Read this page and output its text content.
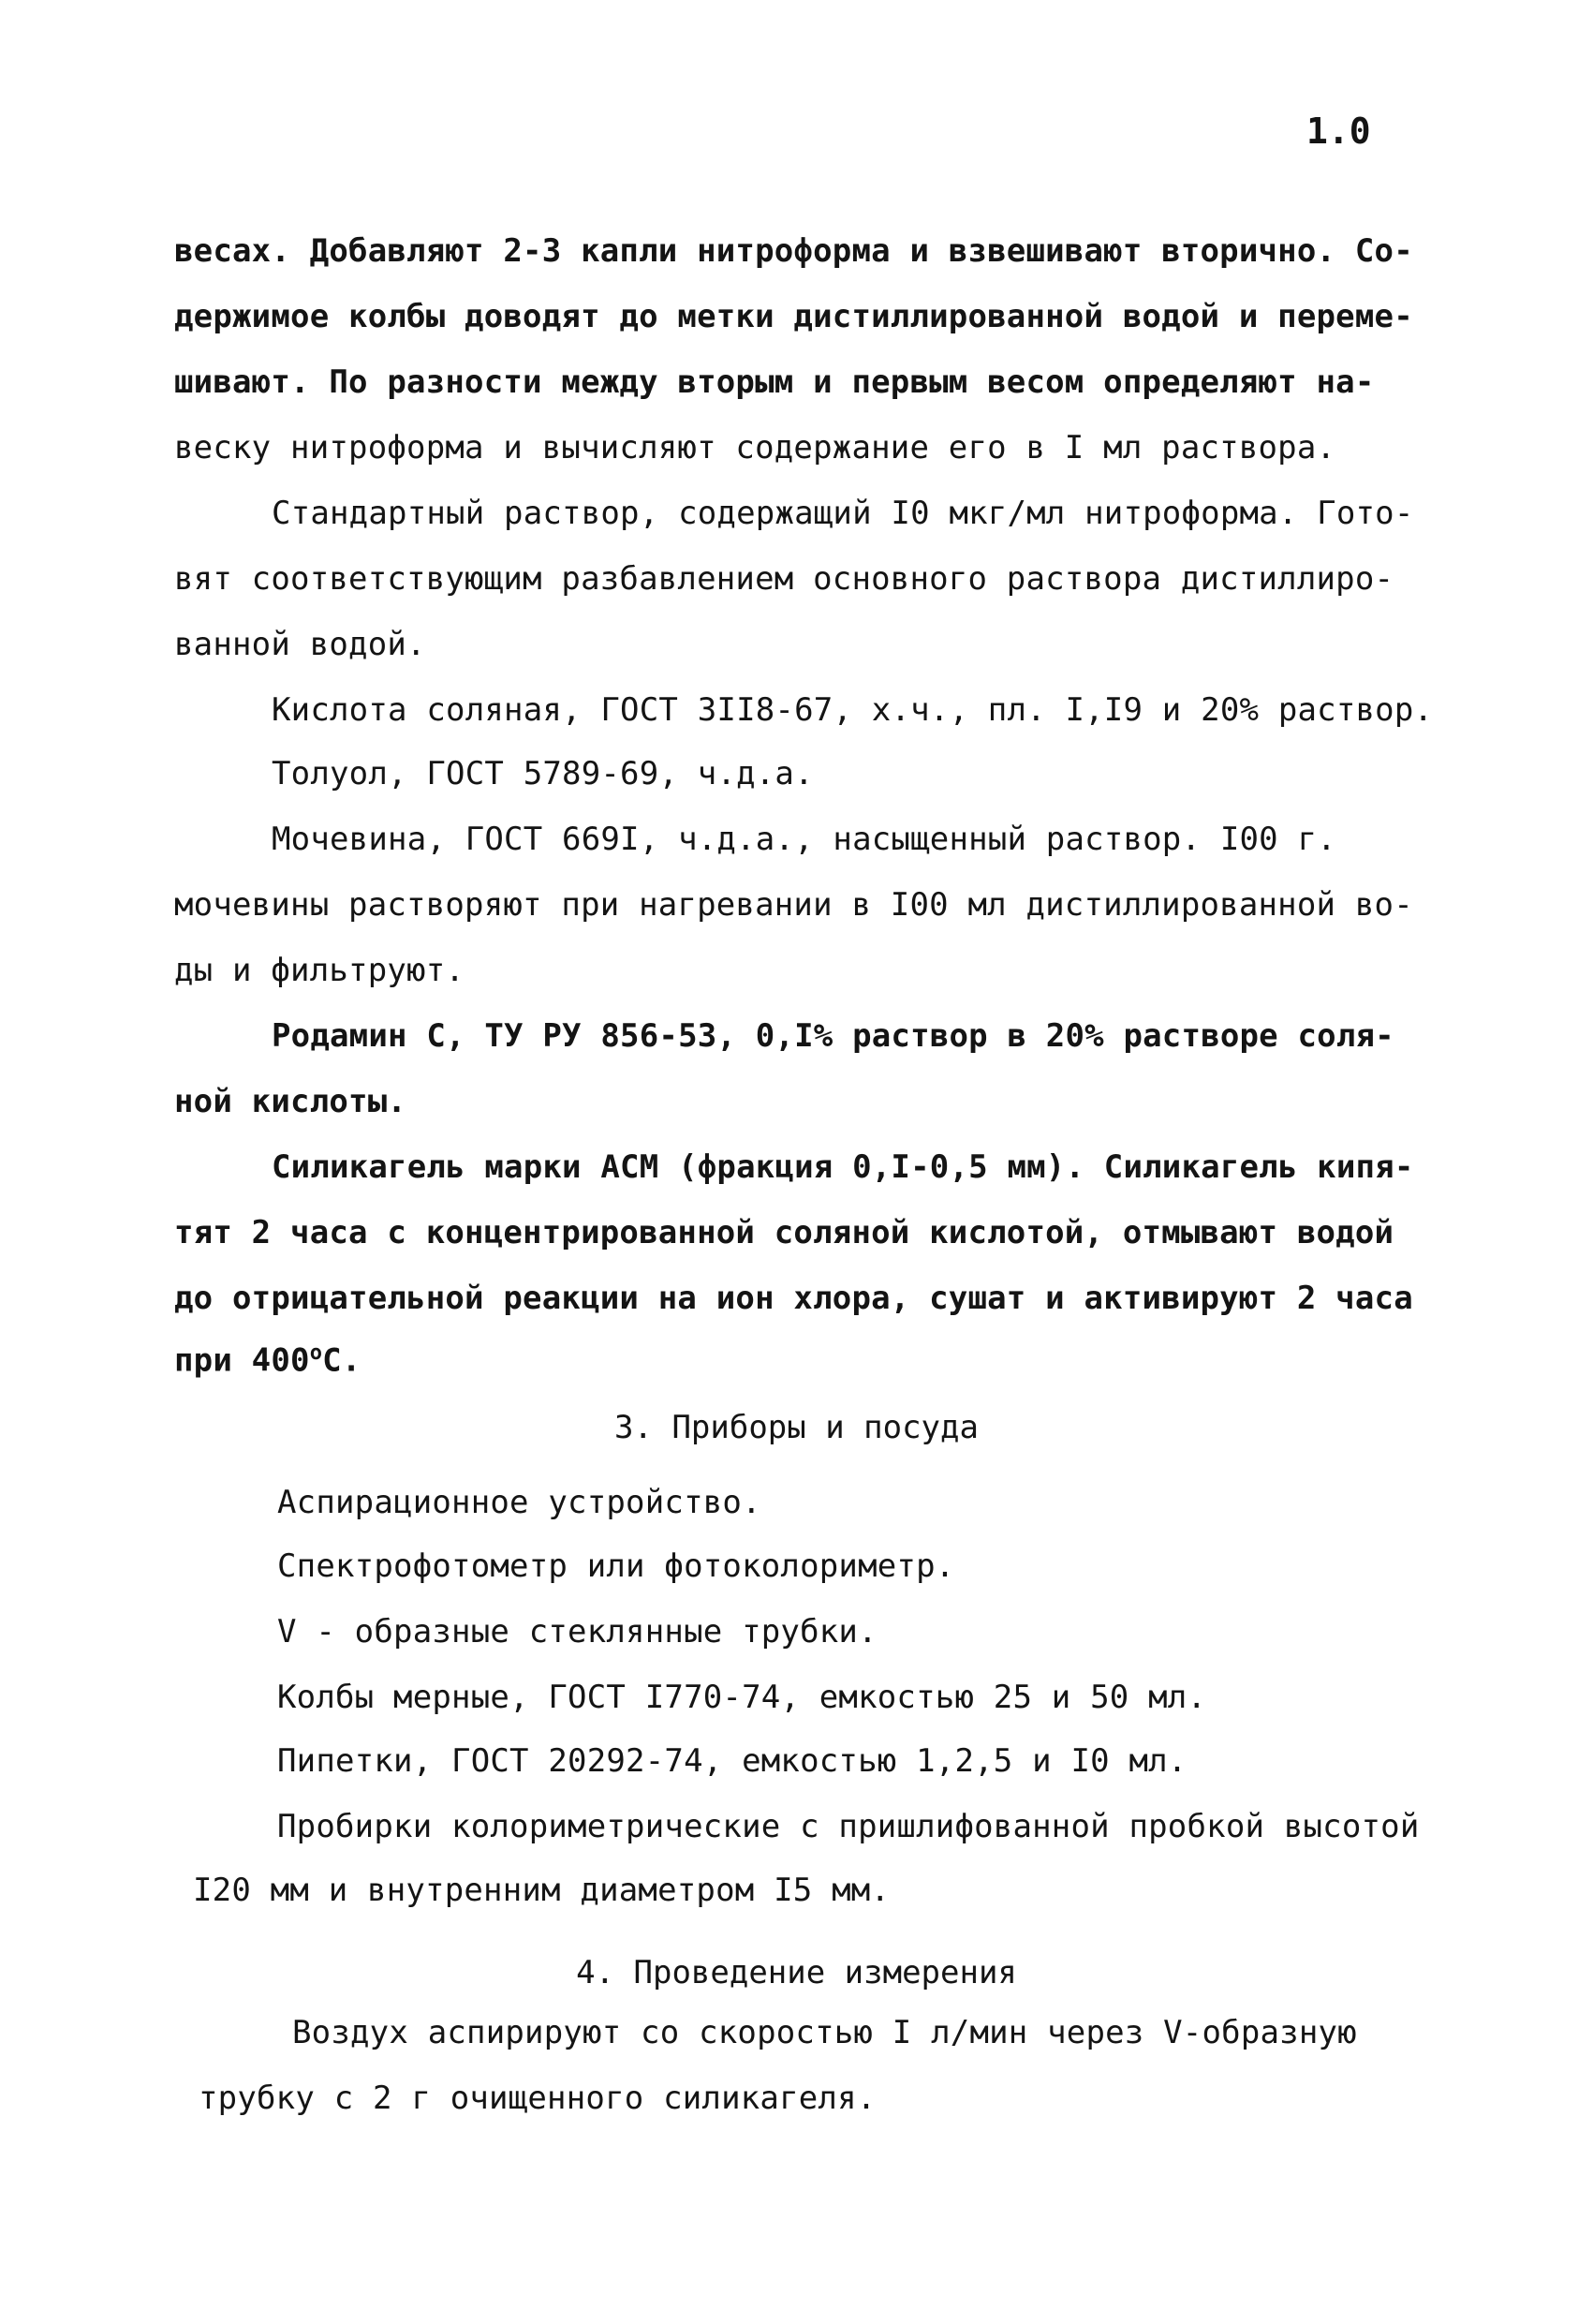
1.0
весах. Добавляют 2-3 капли нитроформа и взвешивают вторично. Со-
держимое колбы доводят до метки дистиллированной водой и переме-
шивают. По разности между вторым и первым весом определяют на-
веску нитроформа и вычисляют содержание его в I мл раствора.
Стандартный раствор, содержащий I0 мкг/мл нитроформа. Гото-
вят соответствующим разбавлением основного раствора дистиллиро-
ванной водой.
Кислота соляная, ГОСТ 3II8-67, х.ч., пл. I,I9 и 20% раствор.
Толуол, ГОСТ 5789-69, ч.д.а.
Мочевина, ГОСТ 669I, ч.д.а., насыщенный раствор. I00 г.
мочевины растворяют при нагревании в I00 мл дистиллированной во-
ды и фильтруют.
Родамин С, ТУ РУ 856-53, 0,I% раствор в 20% растворе соля-
ной кислоты.
Силикагель марки АСМ (фракция 0,I-0,5 мм). Силикагель кипя-
тят 2 часа с концентрированной соляной кислотой, отмывают водой
до отрицательной реакции на ион хлора, сушат и активируют 2 часа
при 400$^o$С.
3. Приборы и посуда
Аспирационное устройство.
Спектрофотометр или фотоколориметр.
V - образные стеклянные трубки.
Колбы мерные, ГОСТ I770-74, емкостью 25 и 50 мл.
Пипетки, ГОСТ 20292-74, емкостью 1,2,5 и I0 мл.
Пробирки колориметрические с пришлифованной пробкой высотой
I20 мм и внутренним диаметром I5 мм.
4. Проведение измерения
Воздух аспирируют со скоростью I л/мин через V-образную
трубку с 2 г очищенного силикагеля.
